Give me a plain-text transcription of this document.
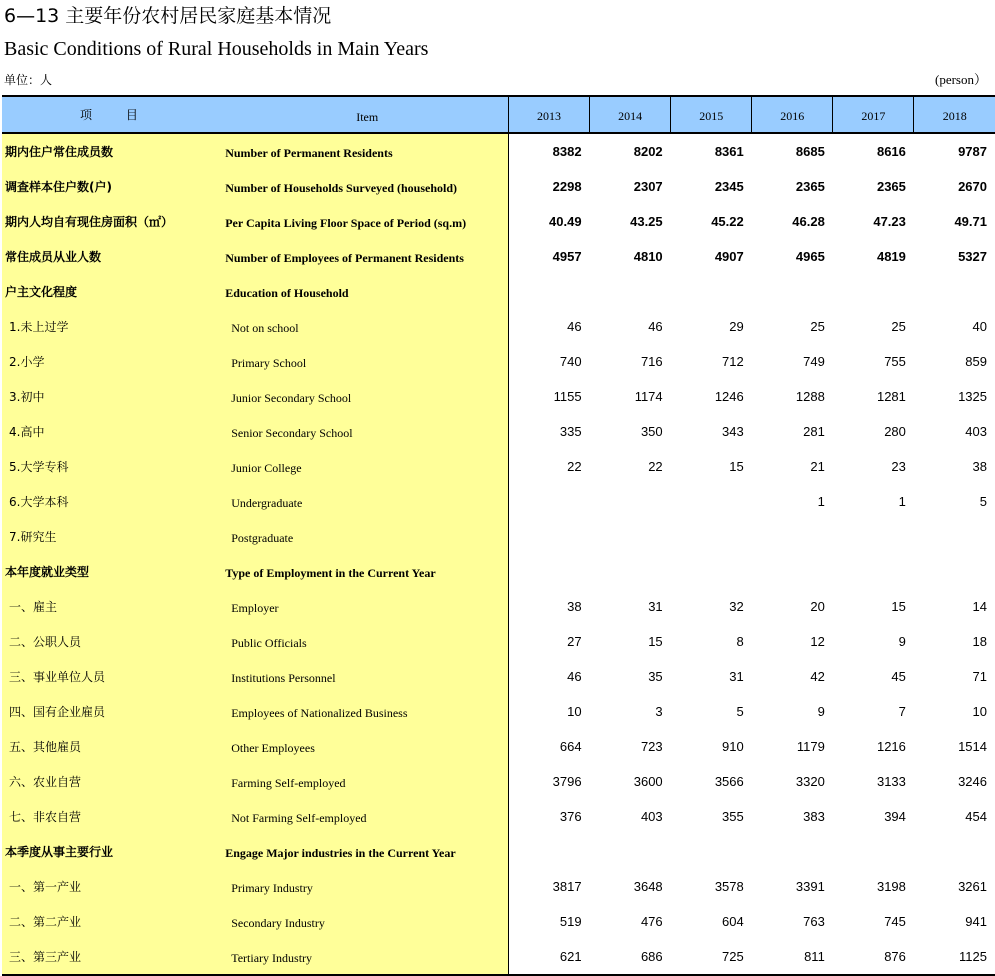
6—13 主要年份农村居民家庭基本情况
Basic Conditions of Rural Households in Main Years
单位：人	(person）
项 目	Item	2013	2014	2015	2016	2017	2018
期内住户常住成员数	Number of Permanent Residents	8382	8202	8361	8685	8616	9787
调查样本住户数(户)	Number of Households Surveyed (household)	2298	2307	2345	2365	2365	2670
期内人均自有现住房面积（㎡）	Per Capita Living Floor Space of Period (sq.m)	40.49	43.25	45.22	46.28	47.23	49.71
常住成员从业人数	Number of Employees of Permanent Residents	4957	4810	4907	4965	4819	5327
户主文化程度	Education of Household						
1.未上过学	Not on school	46	46	29	25	25	40
2.小学	Primary School	740	716	712	749	755	859
3.初中	Junior Secondary School	1155	1174	1246	1288	1281	1325
4.高中	Senior Secondary School	335	350	343	281	280	403
5.大学专科	Junior College	22	22	15	21	23	38
6.大学本科	Undergraduate				1	1	5
7.研究生	Postgraduate						
本年度就业类型	Type of Employment in the Current Year						
一、雇主	Employer	38	31	32	20	15	14
二、公职人员	Public Officials	27	15	8	12	9	18
三、事业单位人员	Institutions Personnel	46	35	31	42	45	71
四、国有企业雇员	Employees of Nationalized Business	10	3	5	9	7	10
五、其他雇员	Other Employees	664	723	910	1179	1216	1514
六、农业自营	Farming Self-employed	3796	3600	3566	3320	3133	3246
七、非农自营	Not Farming Self-employed	376	403	355	383	394	454
本季度从事主要行业	Engage Major industries in the Current Year						
一、第一产业	Primary Industry	3817	3648	3578	3391	3198	3261
二、第二产业	Secondary Industry	519	476	604	763	745	941
三、第三产业	Tertiary Industry	621	686	725	811	876	1125
